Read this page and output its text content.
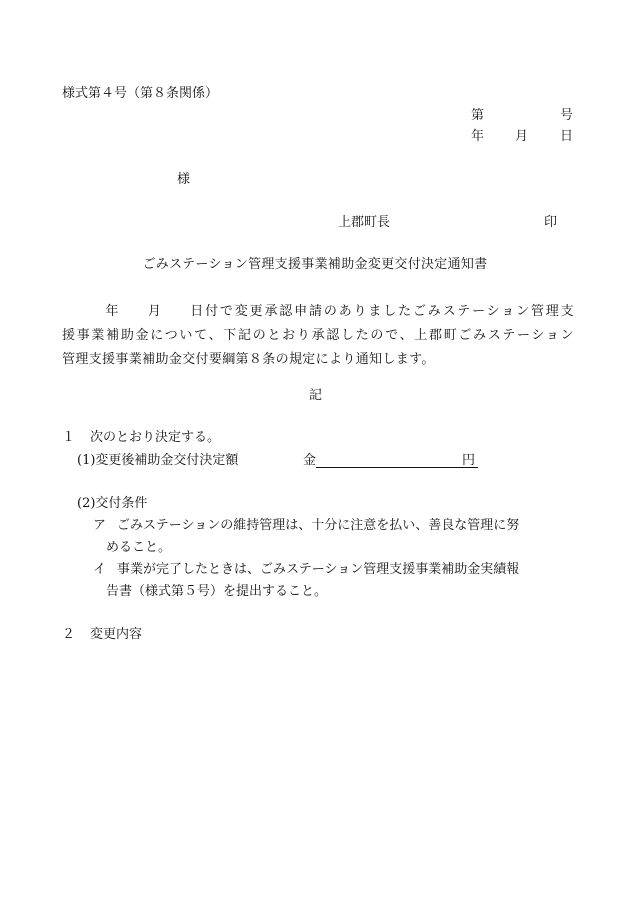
様式第４号（第８条関係）
第	号
年 月 日
様
上郡町長	印
ごみステーション管理支援事業補助金変更交付決定通知書
年 月 日付で変更承認申請のありましたごみステーション管理支
援事業補助金について、下記のとおり承認したので、上郡町ごみステーション
管理支援事業補助金交付要綱第８条の規定により通知します。
記
１ 次のとおり決定する。
(1)変更後補助金交付決定額	金	円
(2)交付条件
ア ごみステーションの維持管理は、十分に注意を払い、善良な管理に努
めること。
イ 事業が完了したときは、ごみステーション管理支援事業補助金実績報
告書（様式第５号）を提出すること。
２ 変更内容
